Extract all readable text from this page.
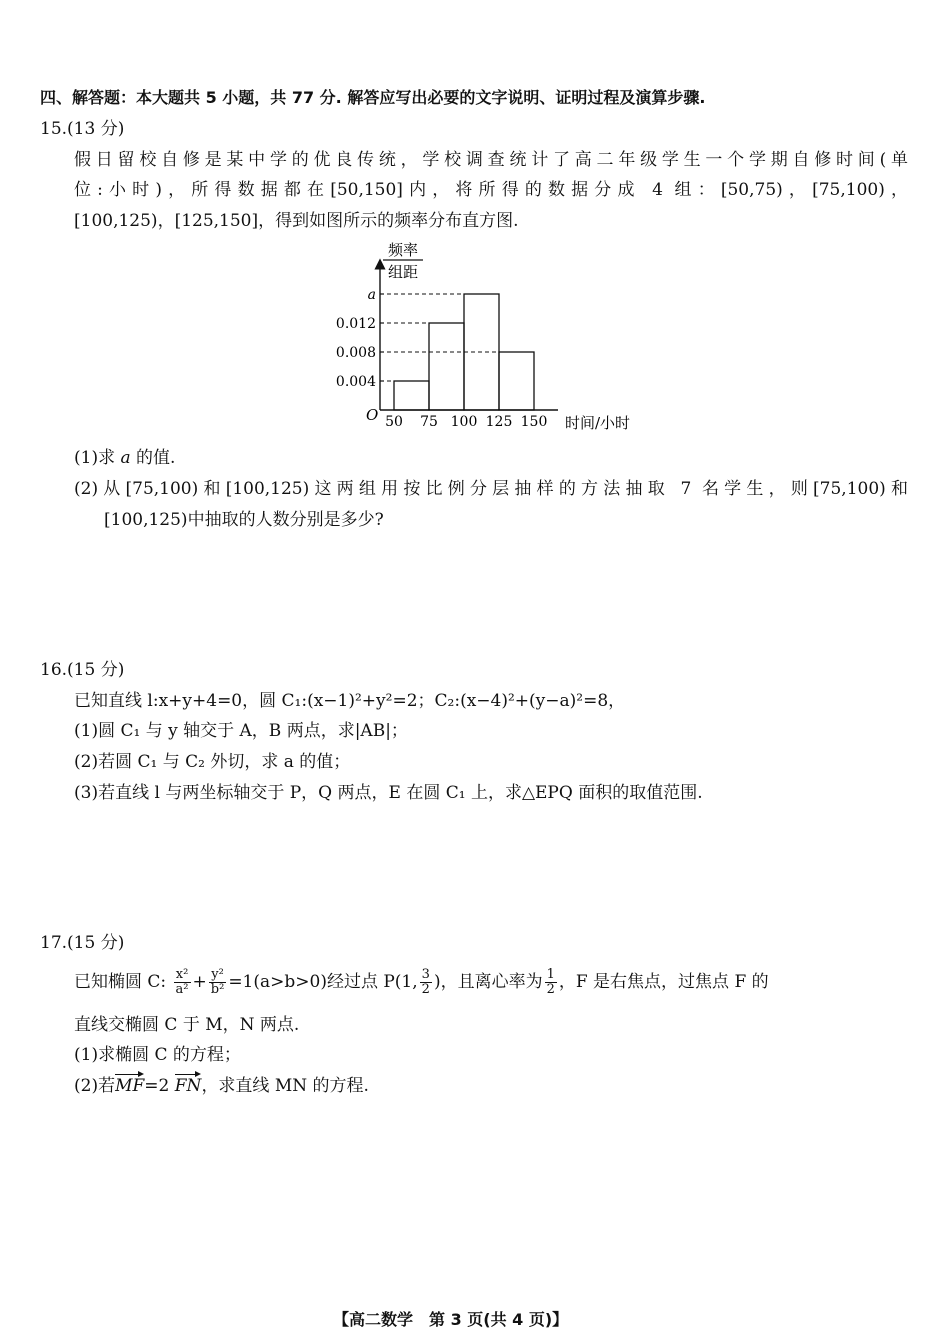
四、解答题：本大题共 5 小题，共 77 分. 解答应写出必要的文字说明、证明过程及演算步骤.
15.(13 分)
假日留校自修是某中学的优良传统，学校调查统计了高二年级学生一个学期自修时间(单
位:小时)，所得数据都在[50,150]内，将所得的数据分成 4 组：[50,75)，[75,100)，
[100,125)，[125,150]，得到如图所示的频率分布直方图.
频率
组距
O	时间/小时
0.004
0.008
0.012
a
50 75 100 125 150
(1)求 a 的值.
(2)从[75,100)和[100,125)这两组用按比例分层抽样的方法抽取 7 名学生，则[75,100)和
[100,125)中抽取的人数分别是多少?
16.(15 分)
已知直线 l:x+y+4=0，圆 C₁:(x−1)²+y²=2；C₂:(x−4)²+(y−a)²=8，
(1)圆 C₁ 与 y 轴交于 A，B 两点，求|AB|；
(2)若圆 C₁ 与 C₂ 外切，求 a 的值；
(3)若直线 l 与两坐标轴交于 P，Q 两点，E 在圆 C₁ 上，求△EPQ 面积的取值范围.
17.(15 分)
已知椭圆 C: $\frac{\text{x²}}{\text{a²}} + \frac{\text{y²}}{\text{b²}} =1(a>b>0)$经过点 P(1, $\frac{3}{2}$ )，且离心率为 $\frac{1}{2}$ ，F 是右焦点，过焦点 F 的
直线交椭圆 C 于 M，N 两点.
(1)求椭圆 C 的方程；
(2)若MF=2 FN，求直线 MN 的方程.
【高二数学　第 3 页(共 4 页)】
